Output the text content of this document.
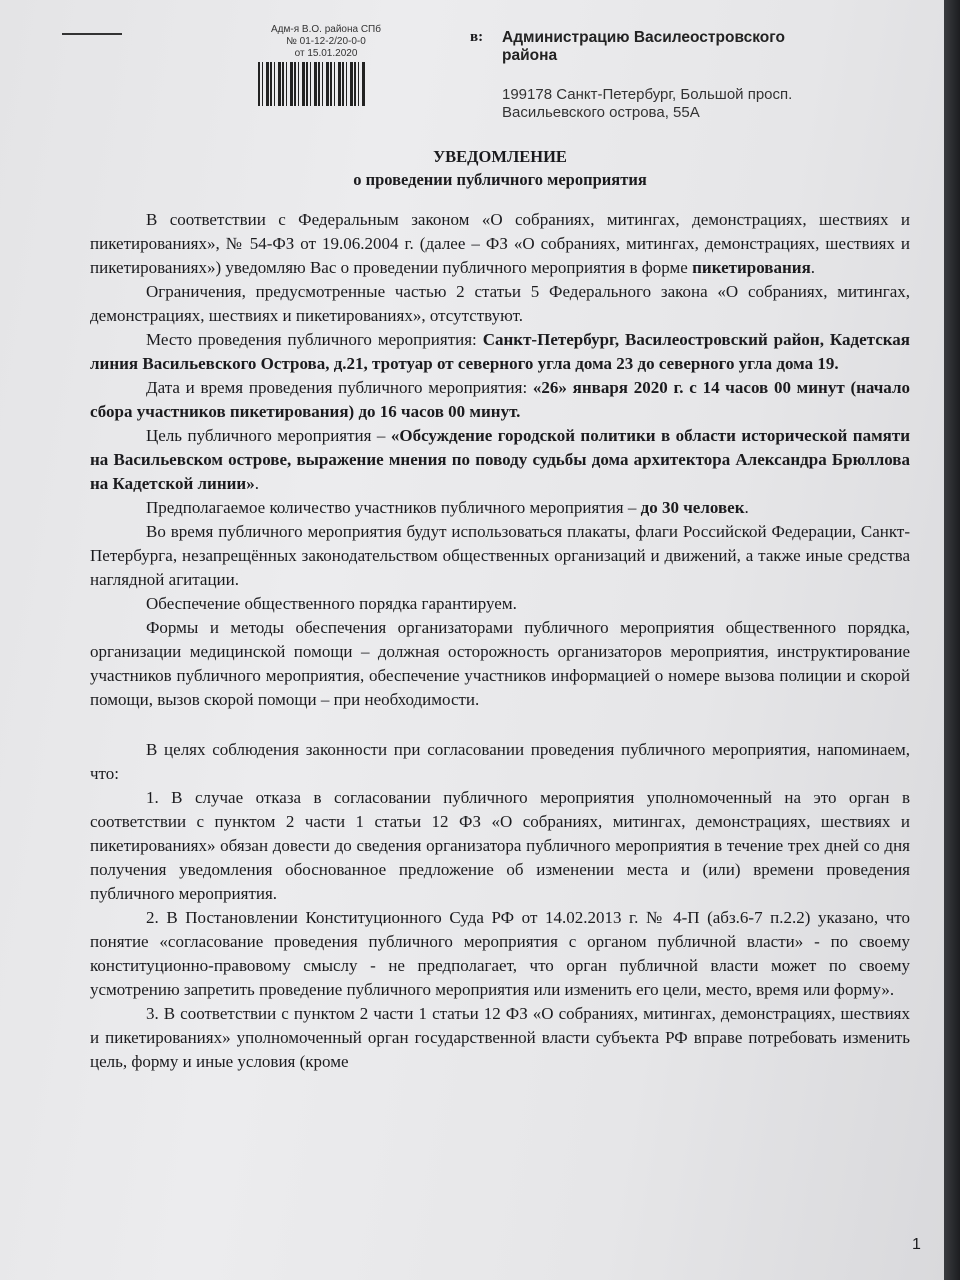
Адм-я В.О. района СПб
№ 01-12-2/20-0-0
от 15.01.2020
в: Администрацию Василеостровского района
199178 Санкт-Петербург, Большой просп. Васильевского острова, 55А
УВЕДОМЛЕНИЕ
о проведении публичного мероприятия

В соответствии с Федеральным законом «О собраниях, митингах, демонстрациях, шествиях и пикетированиях», № 54-ФЗ от 19.06.2004 г. (далее – ФЗ «О собраниях, митингах, демонстрациях, шествиях и пикетированиях») уведомляю Вас о проведении публичного мероприятия в форме пикетирования.

Ограничения, предусмотренные частью 2 статьи 5 Федерального закона «О собраниях, митингах, демонстрациях, шествиях и пикетированиях», отсутствуют.

Место проведения публичного мероприятия: Санкт-Петербург, Василеостровский район, Кадетская линия Васильевского Острова, д.21, тротуар от северного угла дома 23 до северного угла дома 19.

Дата и время проведения публичного мероприятия: «26» января 2020 г. с 14 часов 00 минут (начало сбора участников пикетирования) до 16 часов 00 минут.

Цель публичного мероприятия – «Обсуждение городской политики в области исторической памяти на Васильевском острове, выражение мнения по поводу судьбы дома архитектора Александра Брюллова на Кадетской линии».

Предполагаемое количество участников публичного мероприятия – до 30 человек.

Во время публичного мероприятия будут использоваться плакаты, флаги Российской Федерации, Санкт-Петербурга, незапрещённых законодательством общественных организаций и движений, а также иные средства наглядной агитации.

Обеспечение общественного порядка гарантируем.

Формы и методы обеспечения организаторами публичного мероприятия общественного порядка, организации медицинской помощи – должная осторожность организаторов мероприятия, инструктирование участников публичного мероприятия, обеспечение участников информацией о номере вызова полиции и скорой помощи, вызов скорой помощи – при необходимости.

В целях соблюдения законности при согласовании проведения публичного мероприятия, напоминаем, что:

1. В случае отказа в согласовании публичного мероприятия уполномоченный на это орган в соответствии с пунктом 2 части 1 статьи 12 ФЗ «О собраниях, митингах, демонстрациях, шествиях и пикетированиях» обязан довести до сведения организатора публичного мероприятия в течение трех дней со дня получения уведомления обоснованное предложение об изменении места и (или) времени проведения публичного мероприятия.

2. В Постановлении Конституционного Суда РФ от 14.02.2013 г. № 4-П (абз.6-7 п.2.2) указано, что понятие «согласование проведения публичного мероприятия с органом публичной власти» - по своему конституционно-правовому смыслу - не предполагает, что орган публичной власти может по своему усмотрению запретить проведение публичного мероприятия или изменить его цели, место, время или форму».

3. В соответствии с пунктом 2 части 1 статьи 12 ФЗ «О собраниях, митингах, демонстрациях, шествиях и пикетированиях» уполномоченный орган государственной власти субъекта РФ вправе потребовать изменить цель, форму и иные условия (кроме

1
